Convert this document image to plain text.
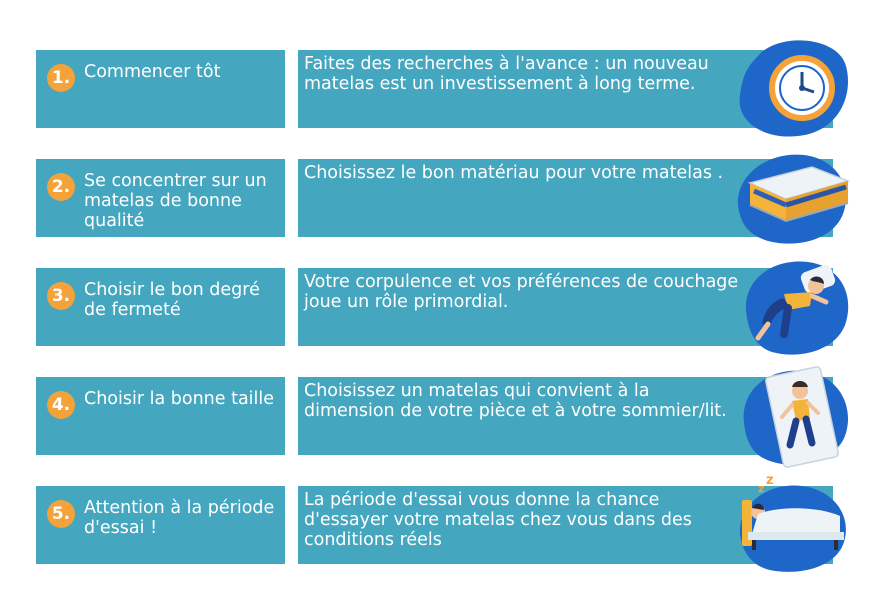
1. Commencer tôt	Faites des recherches à l'avance : un nouveau matelas est un investissement à long terme.
2. Se concentrer sur un matelas de bonne qualité
Choisissez le bon matériau pour votre matelas .
3. Choisir le bon degré de fermeté
Votre corpulence et vos préférences de couchage joue un rôle primordial.
4. Choisir la bonne taille	Choisissez un matelas qui convient à la dimension de votre pièce et à votre sommier/lit.
5. Attention à la période d'essai !
La période d'essai vous donne la chance d'essayer votre matelas chez vous dans des conditions réels
z
z
